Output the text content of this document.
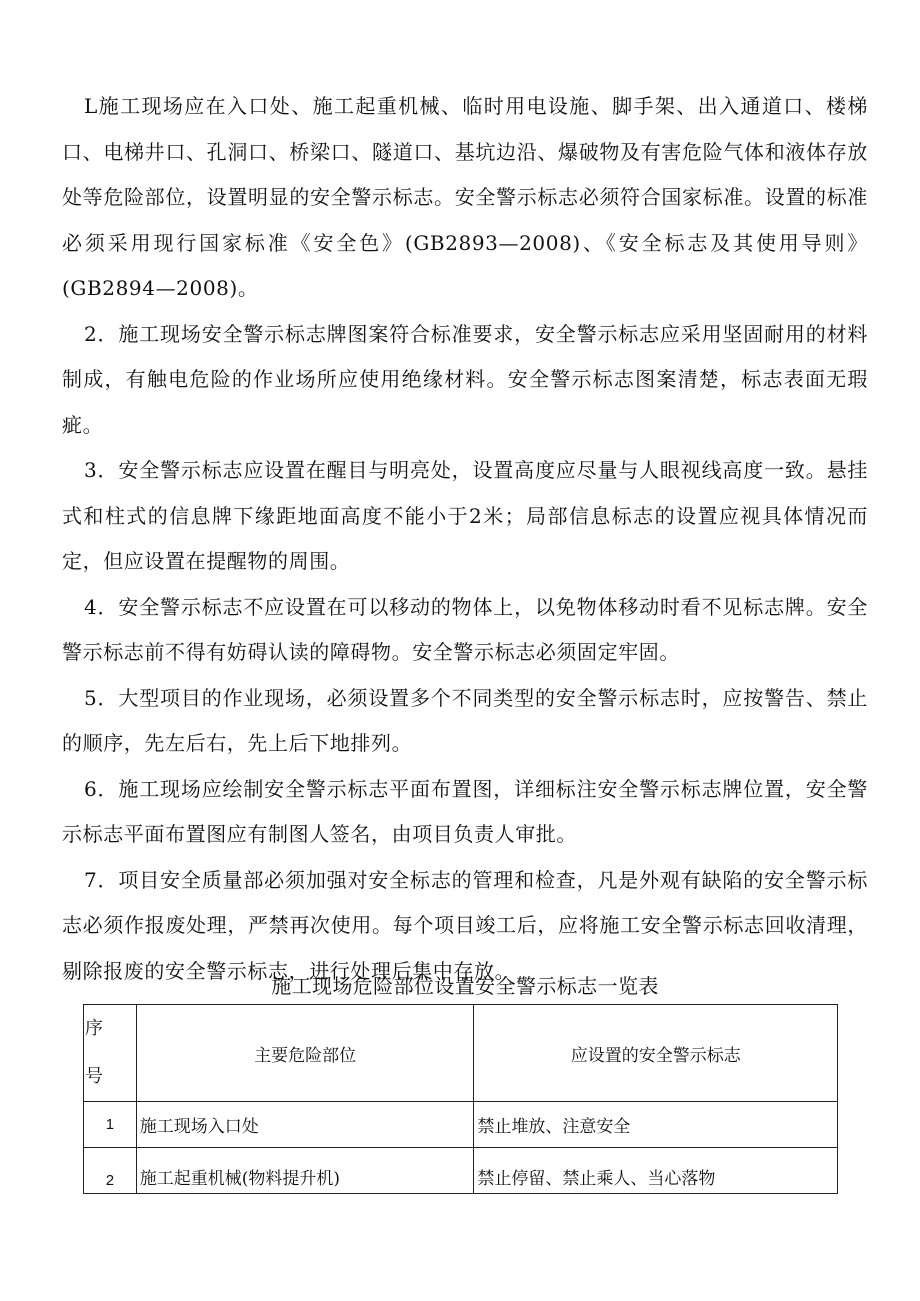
L施工现场应在入口处、施工起重机械、临时用电设施、脚手架、出入通道口、楼梯口、电梯井口、孔洞口、桥梁口、隧道口、基坑边沿、爆破物及有害危险气体和液体存放处等危险部位，设置明显的安全警示标志。安全警示标志必须符合国家标准。设置的标准必须采用现行国家标准《安全色》(GB2893—2008)、《安全标志及其使用导则》(GB2894—2008)。

2．施工现场安全警示标志牌图案符合标准要求，安全警示标志应采用坚固耐用的材料制成，有触电危险的作业场所应使用绝缘材料。安全警示标志图案清楚，标志表面无瑕疵。

3．安全警示标志应设置在醒目与明亮处，设置高度应尽量与人眼视线高度一致。悬挂式和柱式的信息牌下缘距地面高度不能小于2米；局部信息标志的设置应视具体情况而定，但应设置在提醒物的周围。

4．安全警示标志不应设置在可以移动的物体上，以免物体移动时看不见标志牌。安全警示标志前不得有妨碍认读的障碍物。安全警示标志必须固定牢固。

5．大型项目的作业现场，必须设置多个不同类型的安全警示标志时，应按警告、禁止的顺序，先左后右，先上后下地排列。

6．施工现场应绘制安全警示标志平面布置图，详细标注安全警示标志牌位置，安全警示标志平面布置图应有制图人签名，由项目负责人审批。

7．项目安全质量部必须加强对安全标志的管理和检查，凡是外观有缺陷的安全警示标志必须作报废处理，严禁再次使用。每个项目竣工后，应将施工安全警示标志回收清理，剔除报废的安全警示标志，进行处理后集中存放。

施工现场危险部位设置安全警示标志一览表
序
号	主要危险部位	应设置的安全警示标志
1	施工现场入口处	禁止堆放、注意安全
2	施工起重机械(物料提升机)	禁止停留、禁止乘人、当心落物
